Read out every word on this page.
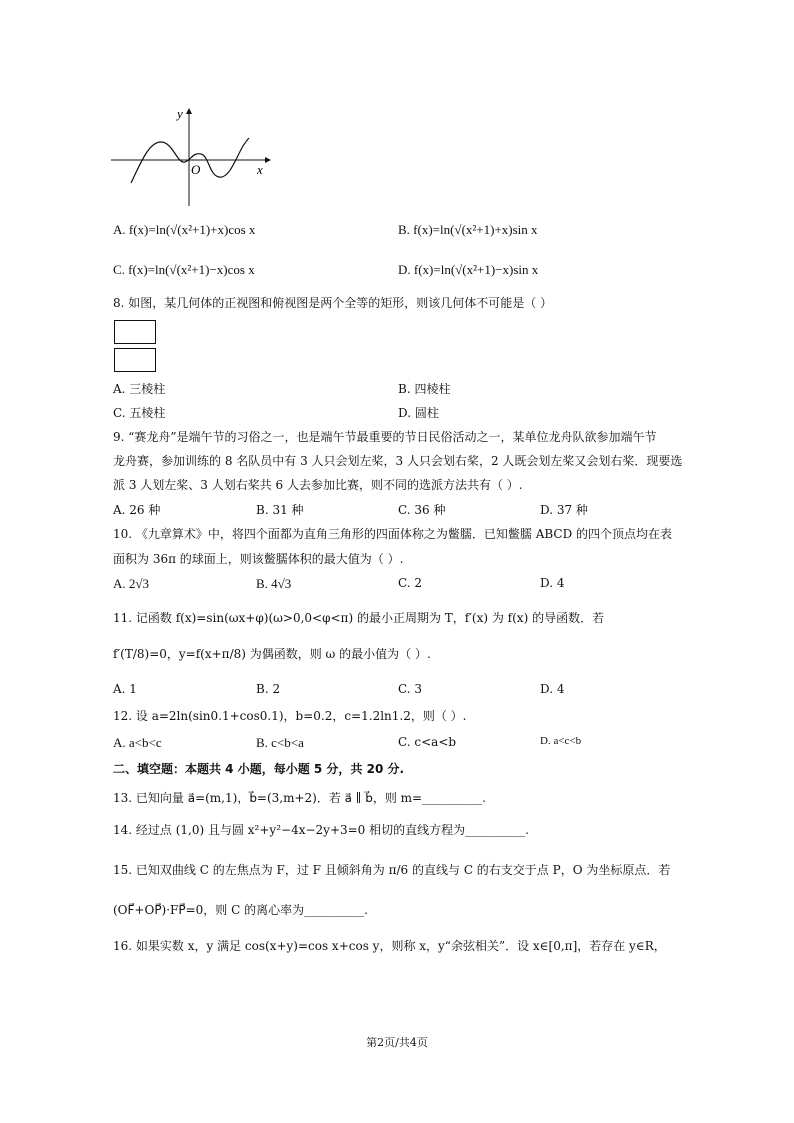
y
x
O
A. f(x)=ln(√(x²+1)+x)cos x	B. f(x)=ln(√(x²+1)+x)sin x
C. f(x)=ln(√(x²+1)−x)cos x	D. f(x)=ln(√(x²+1)−x)sin x
8. 如图，某几何体的正视图和俯视图是两个全等的矩形，则该几何体不可能是（ ）
A. 三棱柱	B. 四棱柱
C. 五棱柱	D. 圆柱
9. “赛龙舟”是端午节的习俗之一，也是端午节最重要的节日民俗活动之一，某单位龙舟队欲参加端午节
龙舟赛，参加训练的 8 名队员中有 3 人只会划左桨，3 人只会划右桨，2 人既会划左桨又会划右桨．现要选
派 3 人划左桨、3 人划右桨共 6 人去参加比赛，则不同的选派方法共有（ ）.
A. 26 种	B. 31 种	C. 36 种	D. 37 种
10. 《九章算术》中，将四个面都为直角三角形的四面体称之为鳖臑．已知鳖臑 ABCD 的四个顶点均在表
面积为 36π 的球面上，则该鳖臑体积的最大值为（ ）.
A. 2√3	B. 4√3	C. 2	D. 4
11. 记函数 f(x)=sin(ωx+φ)(ω>0,0<φ<π) 的最小正周期为 T，f′(x) 为 f(x) 的导函数．若
f′(T/8)=0，y=f(x+π/8) 为偶函数，则 ω 的最小值为（ ）.
A. 1	B. 2	C. 3	D. 4
12. 设 a=2ln(sin0.1+cos0.1)，b=0.2，c=1.2ln1.2，则（ ）.
A. a<b<c	B. c<b<a	C. c<a<b	D. a<c<b
二、填空题：本题共 4 小题，每小题 5 分，共 20 分.
13. 已知向量 a⃗=(m,1)，b⃗=(3,m+2)．若 a⃗ ∥ b⃗，则 m=__________.
14. 经过点 (1,0) 且与圆 x²+y²−4x−2y+3=0 相切的直线方程为__________.
15. 已知双曲线 C 的左焦点为 F，过 F 且倾斜角为 π/6 的直线与 C 的右支交于点 P，O 为坐标原点．若
(OF⃗+OP⃗)·FP⃗=0，则 C 的离心率为__________.
16. 如果实数 x，y 满足 cos(x+y)=cos x+cos y，则称 x，y“余弦相关”．设 x∈[0,π]，若存在 y∈R，
第2页/共4页
